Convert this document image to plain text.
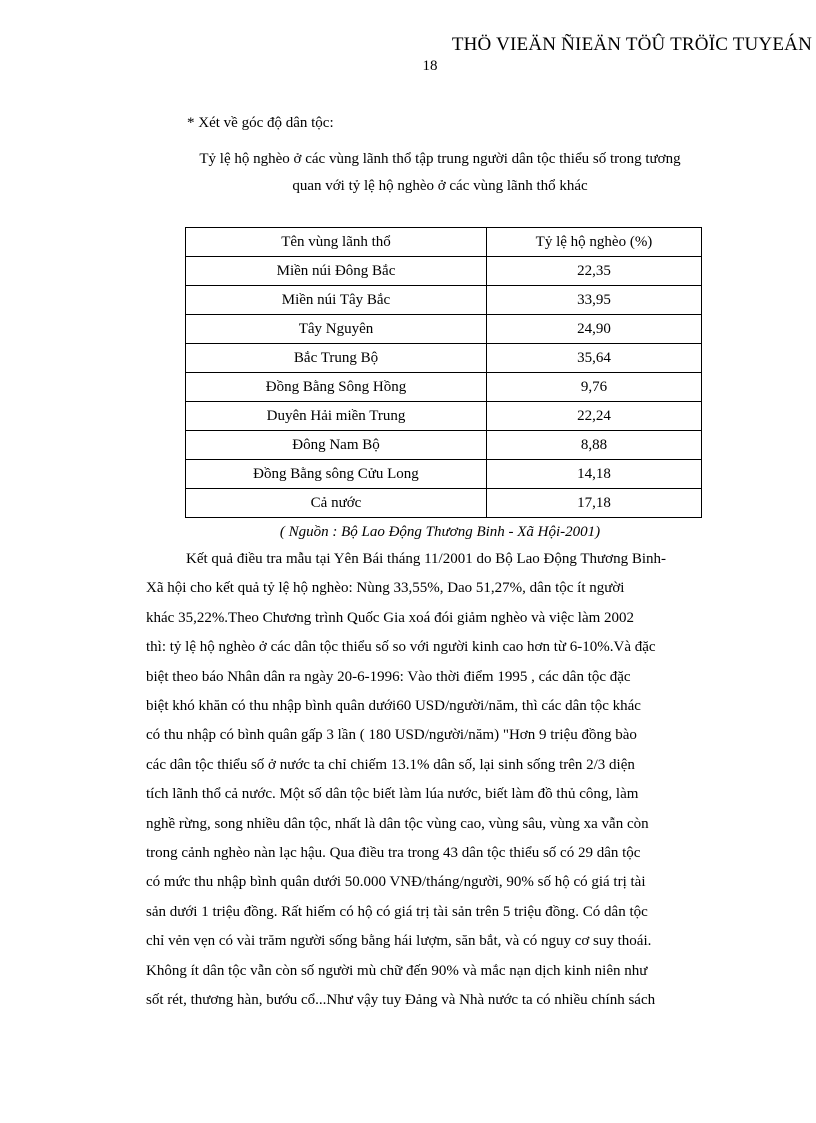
THÖ VIEÄN ÑIEÄN TÖÛ TRÖÏC TUYEÁN
18
* Xét về góc độ dân tộc:
Tỷ lệ hộ nghèo ở các vùng lãnh thổ tập trung người dân tộc thiểu số trong tương
quan với tỷ lệ hộ nghèo ở các vùng lãnh thổ khác
Tên vùng lãnh thổ	Tỷ lệ hộ nghèo (%)
Miền núi Đông Bắc	22,35
Miền núi Tây Bắc	33,95
Tây Nguyên	24,90
Bắc Trung Bộ	35,64
Đồng Bằng Sông Hồng	9,76
Duyên Hải miền Trung	22,24
Đông Nam Bộ	8,88
Đồng Bằng sông Cửu Long	14,18
Cả nước	17,18
( Nguồn : Bộ Lao Động Thương Binh - Xã Hội-2001)
Kết quả điều tra mẫu tại Yên Bái tháng 11/2001 do Bộ Lao Động Thương Binh-
Xã hội cho kết quả tỷ lệ hộ nghèo: Nùng 33,55%, Dao 51,27%, dân tộc ít người
khác 35,22%.Theo Chương trình Quốc Gia xoá đói giảm nghèo và việc làm 2002
thì: tỷ lệ hộ nghèo ở các dân tộc thiểu số so với người kinh cao hơn từ 6-10%.Và đặc
biệt theo báo Nhân dân ra ngày 20-6-1996: Vào thời điểm 1995 , các dân tộc đặc
biệt khó khăn có thu nhập bình quân dưới60 USD/người/năm, thì các dân tộc khác
có thu nhập có bình quân gấp 3 lần ( 180 USD/người/năm) "Hơn 9 triệu đồng bào
các dân tộc thiểu số ở nước ta chỉ chiếm 13.1% dân số, lại sinh sống trên 2/3 diện
tích lãnh thổ cả nước. Một số dân tộc biết làm lúa nước, biết làm đồ thủ công, làm
nghề rừng, song nhiều dân tộc, nhất là dân tộc vùng cao, vùng sâu, vùng xa vẫn còn
trong cảnh nghèo nàn lạc hậu. Qua điều tra trong 43 dân tộc thiểu số có 29 dân tộc
có mức thu nhập bình quân dưới 50.000 VNĐ/tháng/người, 90% số hộ có giá trị tài
sản dưới 1 triệu đồng. Rất hiếm có hộ có giá trị tài sản trên 5 triệu đồng. Có dân tộc
chỉ vẻn vẹn có vài trăm người sống bằng hái lượm, săn bắt, và có nguy cơ suy thoái.
Không ít dân tộc vẫn còn số người mù chữ đến 90% và mắc nạn dịch kinh niên như
sốt rét, thương hàn, bướu cổ...Như vậy tuy Đảng và Nhà nước ta có nhiều chính sách
